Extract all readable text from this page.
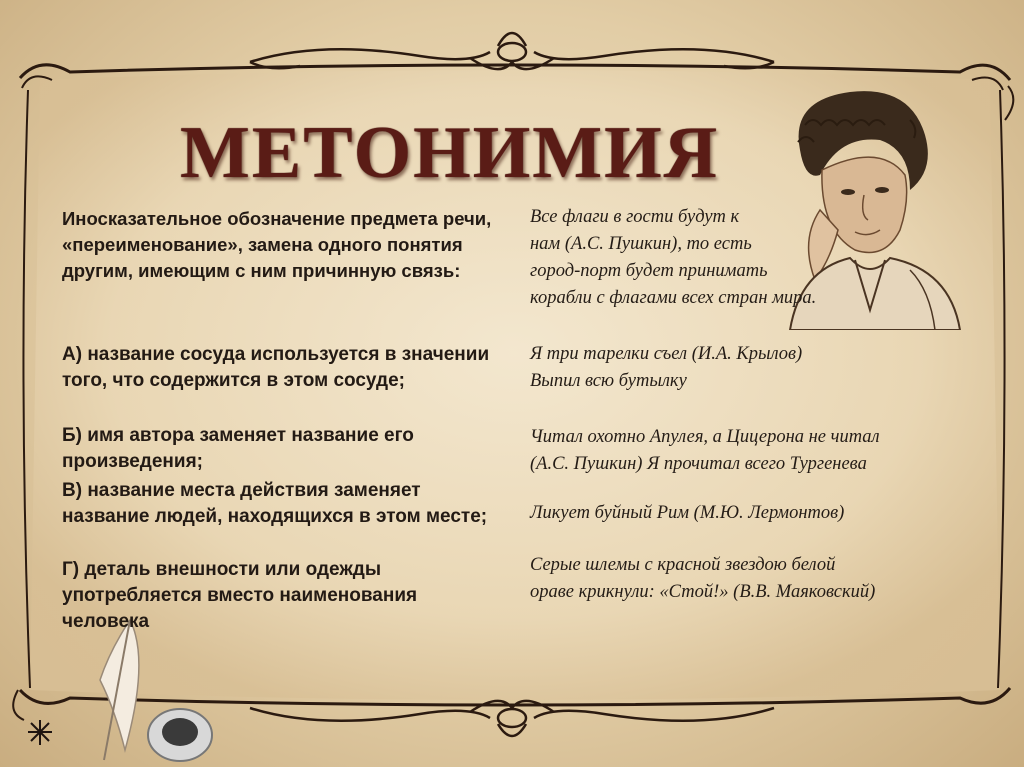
МЕТОНИМИЯ
Иносказательное обозначение предмета речи, «переименование», замена одного понятия другим, имеющим с ним причинную связь:
А) название сосуда используется в значении того, что содержится в этом сосуде;
Б) имя автора заменяет название его произведения;
В) название места действия заменяет название людей, находящихся в этом месте;
Г) деталь внешности или одежды употребляется вместо наименования человека
Все флаги в гости будут к
нам (А.С. Пушкин), то есть
город-порт будет принимать
корабли с флагами всех стран мира.
Я три тарелки съел (И.А. Крылов)
Выпил всю бутылку
Читал охотно Апулея, а Цицерона не читал
(А.С. Пушкин) Я прочитал всего Тургенева
Ликует буйный Рим (М.Ю. Лермонтов)
Серые шлемы с красной звездою белой
ораве крикнули: «Стой!» (В.В. Маяковский)
